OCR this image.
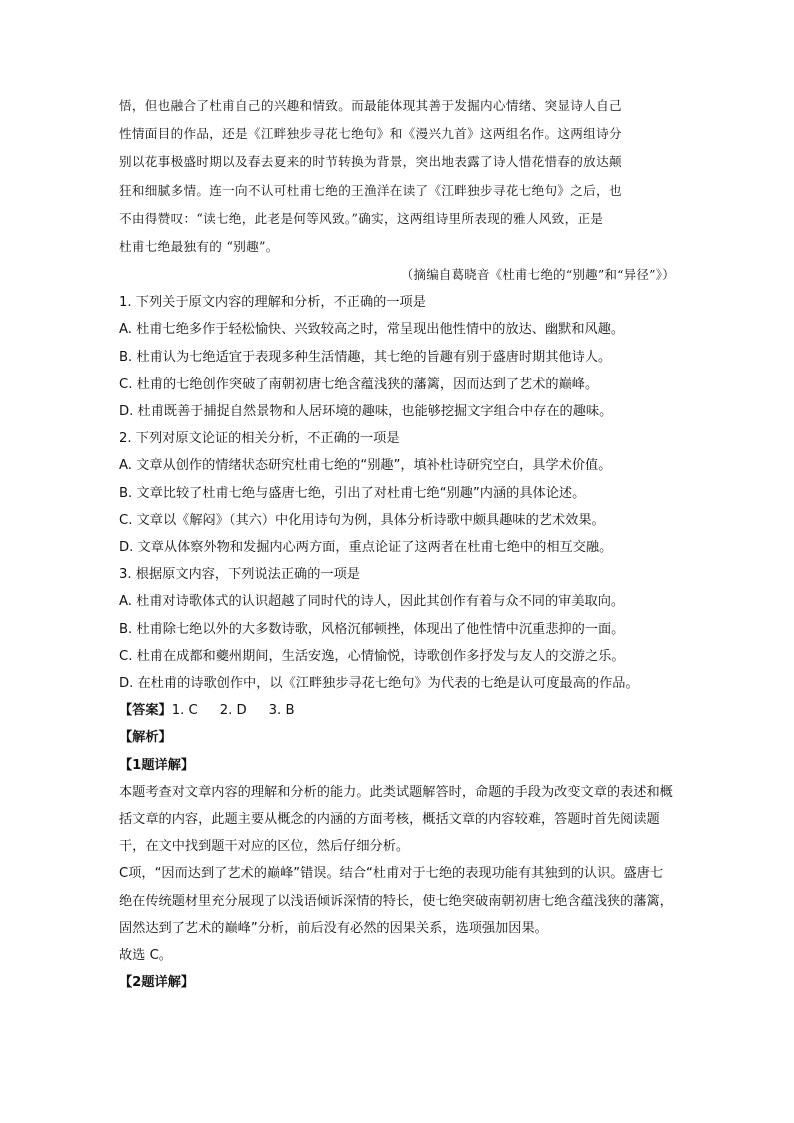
悟，但也融合了杜甫自己的兴趣和情致。而最能体现其善于发掘内心情绪、突显诗人自己

性情面目的作品，还是《江畔独步寻花七绝句》和《漫兴九首》这两组名作。这两组诗分

别以花事极盛时期以及春去夏来的时节转换为背景，突出地表露了诗人惜花惜春的放达颠

狂和细腻多情。连一向不认可杜甫七绝的王渔洋在读了《江畔独步寻花七绝句》之后，也

不由得赞叹：“读七绝，此老是何等风致。”确实，这两组诗里所表现的雅人风致，正是

杜甫七绝最独有的 “别趣”。

（摘编自葛晓音《杜甫七绝的“别趣”和“异径”》）

1. 下列关于原文内容的理解和分析，不正确的一项是

A. 杜甫七绝多作于轻松愉快、兴致较高之时，常呈现出他性情中的放达、幽默和风趣。

B. 杜甫认为七绝适宜于表现多种生活情趣，其七绝的旨趣有别于盛唐时期其他诗人。

C. 杜甫的七绝创作突破了南朝初唐七绝含蕴浅狭的藩篱，因而达到了艺术的巅峰。

D. 杜甫既善于捕捉自然景物和人居环境的趣味，也能够挖掘文字组合中存在的趣味。

2. 下列对原文论证的相关分析，不正确的一项是

A. 文章从创作的情绪状态研究杜甫七绝的“别趣”，填补杜诗研究空白，具学术价值。

B. 文章比较了杜甫七绝与盛唐七绝，引出了对杜甫七绝“别趣”内涵的具体论述。

C. 文章以《解闷》（其六）中化用诗句为例，具体分析诗歌中颇具趣味的艺术效果。

D. 文章从体察外物和发掘内心两方面，重点论证了这两者在杜甫七绝中的相互交融。

3. 根据原文内容，下列说法正确的一项是

A. 杜甫对诗歌体式的认识超越了同时代的诗人，因此其创作有着与众不同的审美取向。

B. 杜甫除七绝以外的大多数诗歌，风格沉郁顿挫，体现出了他性情中沉重悲抑的一面。

C. 杜甫在成都和夔州期间，生活安逸，心情愉悦，诗歌创作多抒发与友人的交游之乐。

D. 在杜甫的诗歌创作中，以《江畔独步寻花七绝句》为代表的七绝是认可度最高的作品。

【答案】1. C 2. D 3. B

【解析】

【1题详解】

本题考查对文章内容的理解和分析的能力。此类试题解答时，命题的手段为改变文章的表述和概括文章的内容，此题主要从概念的内涵的方面考核，概括文章的内容较难，答题时首先阅读题干，在文中找到题干对应的区位，然后仔细分析。

C项，“因而达到了艺术的巅峰”错误。结合“杜甫对于七绝的表现功能有其独到的认识。盛唐七绝在传统题材里充分展现了以浅语倾诉深情的特长，使七绝突破南朝初唐七绝含蕴浅狭的藩篱，固然达到了艺术的巅峰”分析，前后没有必然的因果关系，选项强加因果。

故选 C。

【2题详解】
